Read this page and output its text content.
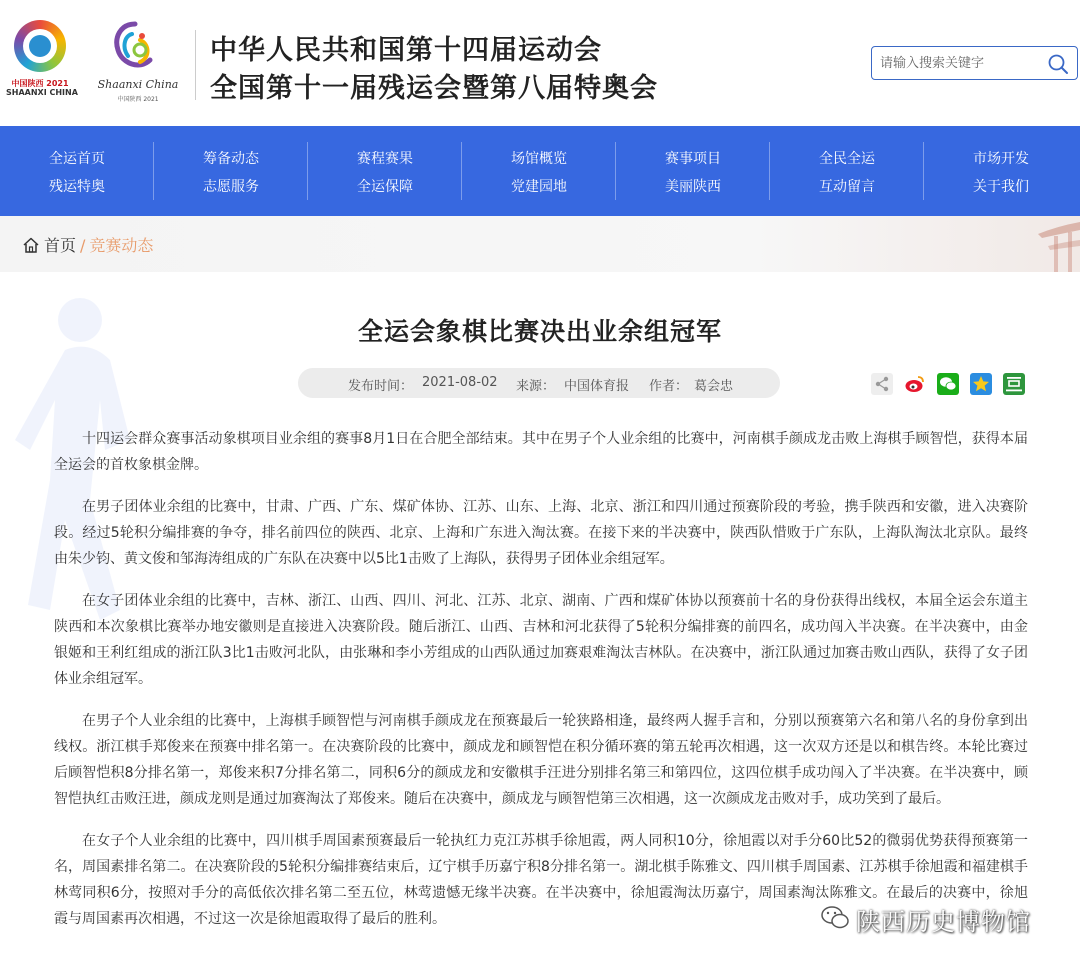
中国陕西 2021
SHAANXI CHINA
Shaanxi China
中国陕西 2021
中华人民共和国第十四届运动会
全国第十一届残运会暨第八届特奥会
请输入搜索关键字
全运首页
残运特奥
筹备动态
志愿服务
赛程赛果
全运保障
场馆概览
党建园地
赛事项目
美丽陕西
全民全运
互动留言
市场开发
关于我们
首页 / 竞赛动态
全运会象棋比赛决出业余组冠军
发布时间： 2021-08-02 来源： 中国体育报 作者： 葛会忠

十四运会群众赛事活动象棋项目业余组的赛事8月1日在合肥全部结束。其中在男子个人业余组的比赛中，河南棋手颜成龙击败上海棋手顾智恺，获得本届全运会的首枚象棋金牌。

在男子团体业余组的比赛中，甘肃、广西、广东、煤矿体协、江苏、山东、上海、北京、浙江和四川通过预赛阶段的考验，携手陕西和安徽，进入决赛阶段。经过5轮积分编排赛的争夺，排名前四位的陕西、北京、上海和广东进入淘汰赛。在接下来的半决赛中，陕西队惜败于广东队，上海队淘汰北京队。最终由朱少钧、黄文俊和邹海涛组成的广东队在决赛中以5比1击败了上海队，获得男子团体业余组冠军。

在女子团体业余组的比赛中，吉林、浙江、山西、四川、河北、江苏、北京、湖南、广西和煤矿体协以预赛前十名的身份获得出线权，本届全运会东道主陕西和本次象棋比赛举办地安徽则是直接进入决赛阶段。随后浙江、山西、吉林和河北获得了5轮积分编排赛的前四名，成功闯入半决赛。在半决赛中，由金银姬和王利红组成的浙江队3比1击败河北队，由张琳和李小芳组成的山西队通过加赛艰难淘汰吉林队。在决赛中，浙江队通过加赛击败山西队，获得了女子团体业余组冠军。

在男子个人业余组的比赛中，上海棋手顾智恺与河南棋手颜成龙在预赛最后一轮狭路相逢，最终两人握手言和，分别以预赛第六名和第八名的身份拿到出线权。浙江棋手郑俊来在预赛中排名第一。在决赛阶段的比赛中，颜成龙和顾智恺在积分循环赛的第五轮再次相遇，这一次双方还是以和棋告终。本轮比赛过后顾智恺积8分排名第一，郑俊来积7分排名第二，同积6分的颜成龙和安徽棋手汪进分别排名第三和第四位，这四位棋手成功闯入了半决赛。在半决赛中，顾智恺执红击败汪进，颜成龙则是通过加赛淘汰了郑俊来。随后在决赛中，颜成龙与顾智恺第三次相遇，这一次颜成龙击败对手，成功笑到了最后。

在女子个人业余组的比赛中，四川棋手周国素预赛最后一轮执红力克江苏棋手徐旭霞，两人同积10分，徐旭霞以对手分60比52的微弱优势获得预赛第一名，周国素排名第二。在决赛阶段的5轮积分编排赛结束后，辽宁棋手历嘉宁积8分排名第一。湖北棋手陈雅文、四川棋手周国素、江苏棋手徐旭霞和福建棋手林莺同积6分，按照对手分的高低依次排名第二至五位，林莺遗憾无缘半决赛。在半决赛中，徐旭霞淘汰历嘉宁，周国素淘汰陈雅文。在最后的决赛中，徐旭霞与周国素再次相遇，不过这一次是徐旭霞取得了最后的胜利。	陕西历史博物馆
